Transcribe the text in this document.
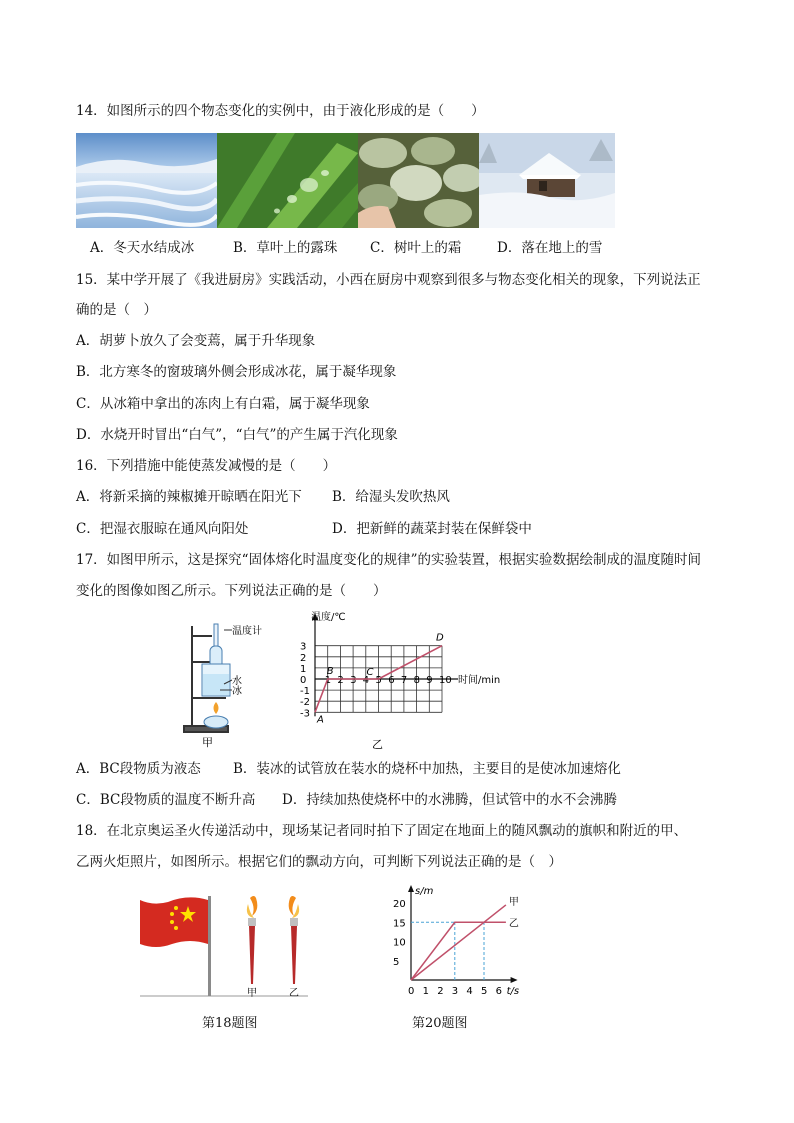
14．如图所示的四个物态变化的实例中，由于液化形成的是（　　）
A．冬天水结成冰	B．草叶上的露珠 C．树叶上的霜	D．落在地上的雪
15．某中学开展了《我进厨房》实践活动，小西在厨房中观察到很多与物态变化相关的现象，下列说法正
确的是（　）
A．胡萝卜放久了会变蔫，属于升华现象
B．北方寒冬的窗玻璃外侧会形成冰花，属于凝华现象
C．从冰箱中拿出的冻肉上有白霜，属于凝华现象
D．水烧开时冒出“白气”，“白气”的产生属于汽化现象
16．下列措施中能使蒸发减慢的是（　　）
A．将新采摘的辣椒摊开晾晒在阳光下 B．给湿头发吹热风
C．把湿衣服晾在通风向阳处	D．把新鲜的蔬菜封装在保鲜袋中
17．如图甲所示，这是探究“固体熔化时温度变化的规律”的实验装置，根据实验数据绘制成的温度随时间
变化的图像如图乙所示。下列说法正确的是（　　）
温度计
水
冰
甲
温度/℃
时间/min
3
2
1
0
-1
-2
-3
1 2 3 4 5 6 7 8 9 10
A
B	C
D
乙
A．BC段物质为液态 B．装冰的试管放在装水的烧杯中加热，主要目的是使冰加速熔化
C．BC段物质的温度不断升高 D．持续加热使烧杯中的水沸腾，但试管中的水不会沸腾
18．在北京奥运圣火传递活动中，现场某记者同时拍下了固定在地面上的随风飘动的旗帜和附近的甲、
乙两火炬照片，如图所示。根据它们的飘动方向，可判断下列说法正确的是（　）
甲	乙
s/m
t/s
5
10
15
20
0 1 2 3 4 5 6
甲
乙
第18题图	第20题图
